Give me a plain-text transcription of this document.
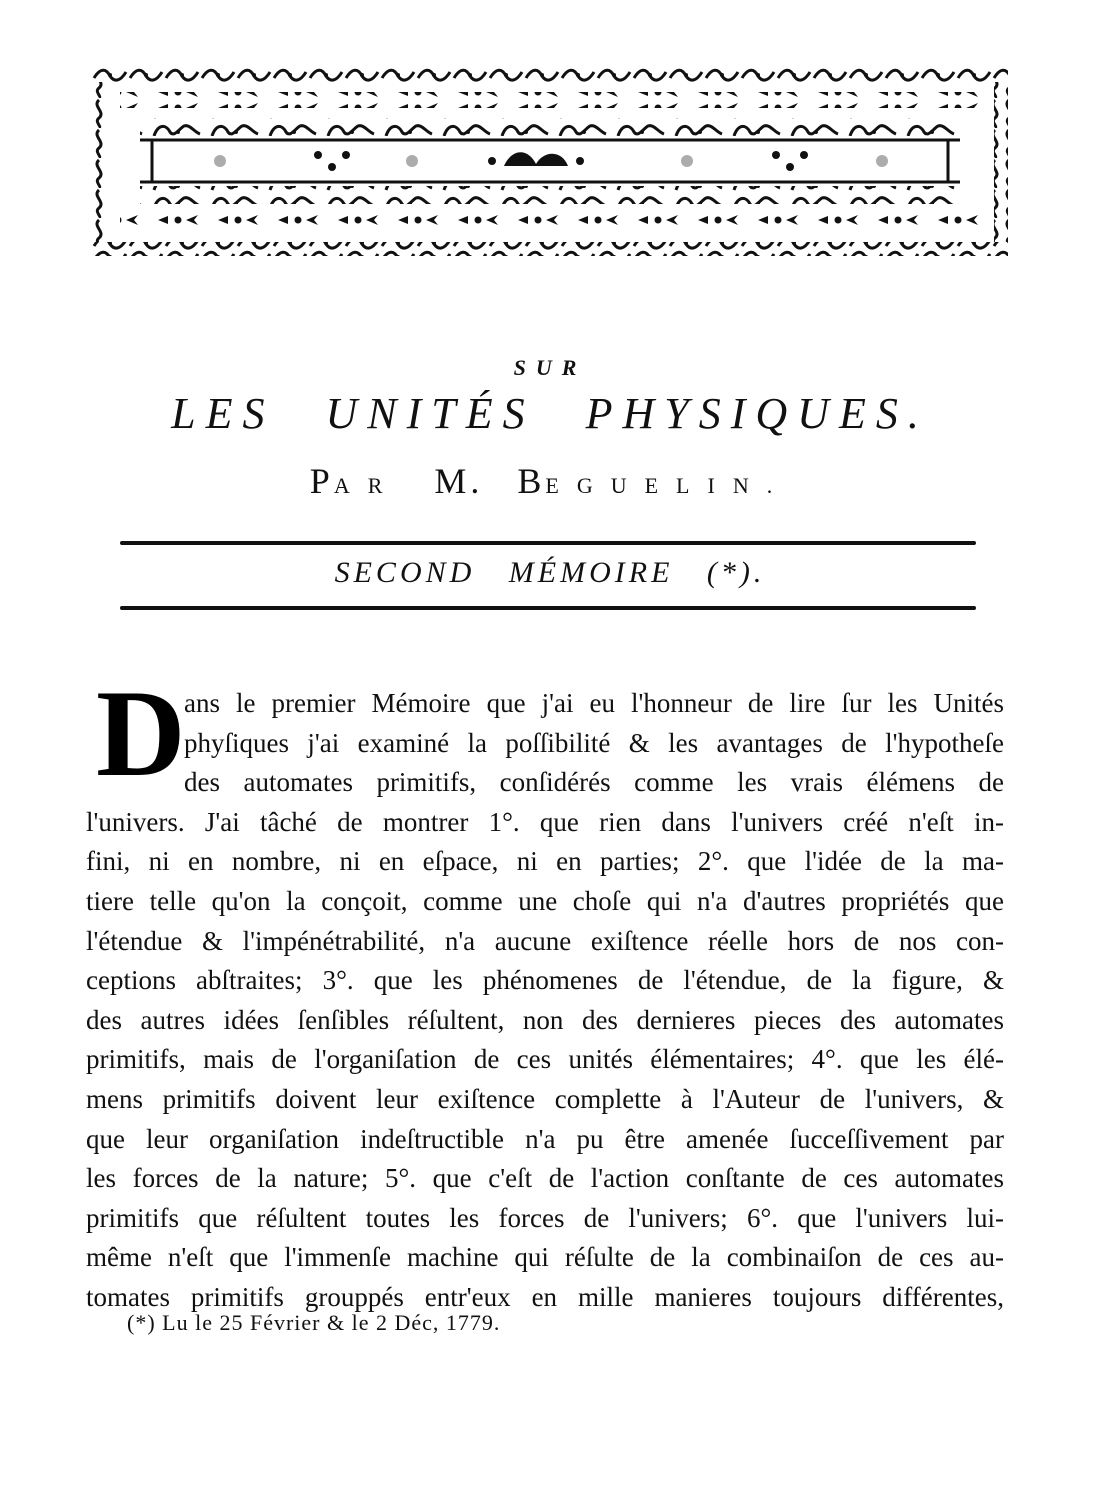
SUR
LES UNITÉS PHYSIQUES.
PAR M. BEGUELIN.
SECOND MÉMOIRE (*).
D
ans le premier Mémoire que j'ai eu l'honneur de lire ſur les Unités
phyſiques j'ai examiné la poſſibilité & les avantages de l'hypotheſe
des automates primitifs, conſidérés comme les vrais élémens de
l'univers. J'ai tâché de montrer 1°. que rien dans l'univers créé n'eſt in-
fini, ni en nombre, ni en eſpace, ni en parties; 2°. que l'idée de la ma-
tiere telle qu'on la conçoit, comme une choſe qui n'a d'autres propriétés que
l'étendue & l'impénétrabilité, n'a aucune exiſtence réelle hors de nos con-
ceptions abſtraites; 3°. que les phénomenes de l'étendue, de la figure, &
des autres idées ſenſibles réſultent, non des dernieres pieces des automates
primitifs, mais de l'organiſation de ces unités élémentaires; 4°. que les élé-
mens primitifs doivent leur exiſtence complette à l'Auteur de l'univers, &
que leur organiſation indeſtructible n'a pu être amenée ſucceſſivement par
les forces de la nature; 5°. que c'eſt de l'action conſtante de ces automates
primitifs que réſultent toutes les forces de l'univers; 6°. que l'univers lui-
même n'eſt que l'immenſe machine qui réſulte de la combinaiſon de ces au-
tomates primitifs grouppés entr'eux en mille manieres toujours différentes,
(*) Lu le 25 Février & le 2 Déc, 1779.
